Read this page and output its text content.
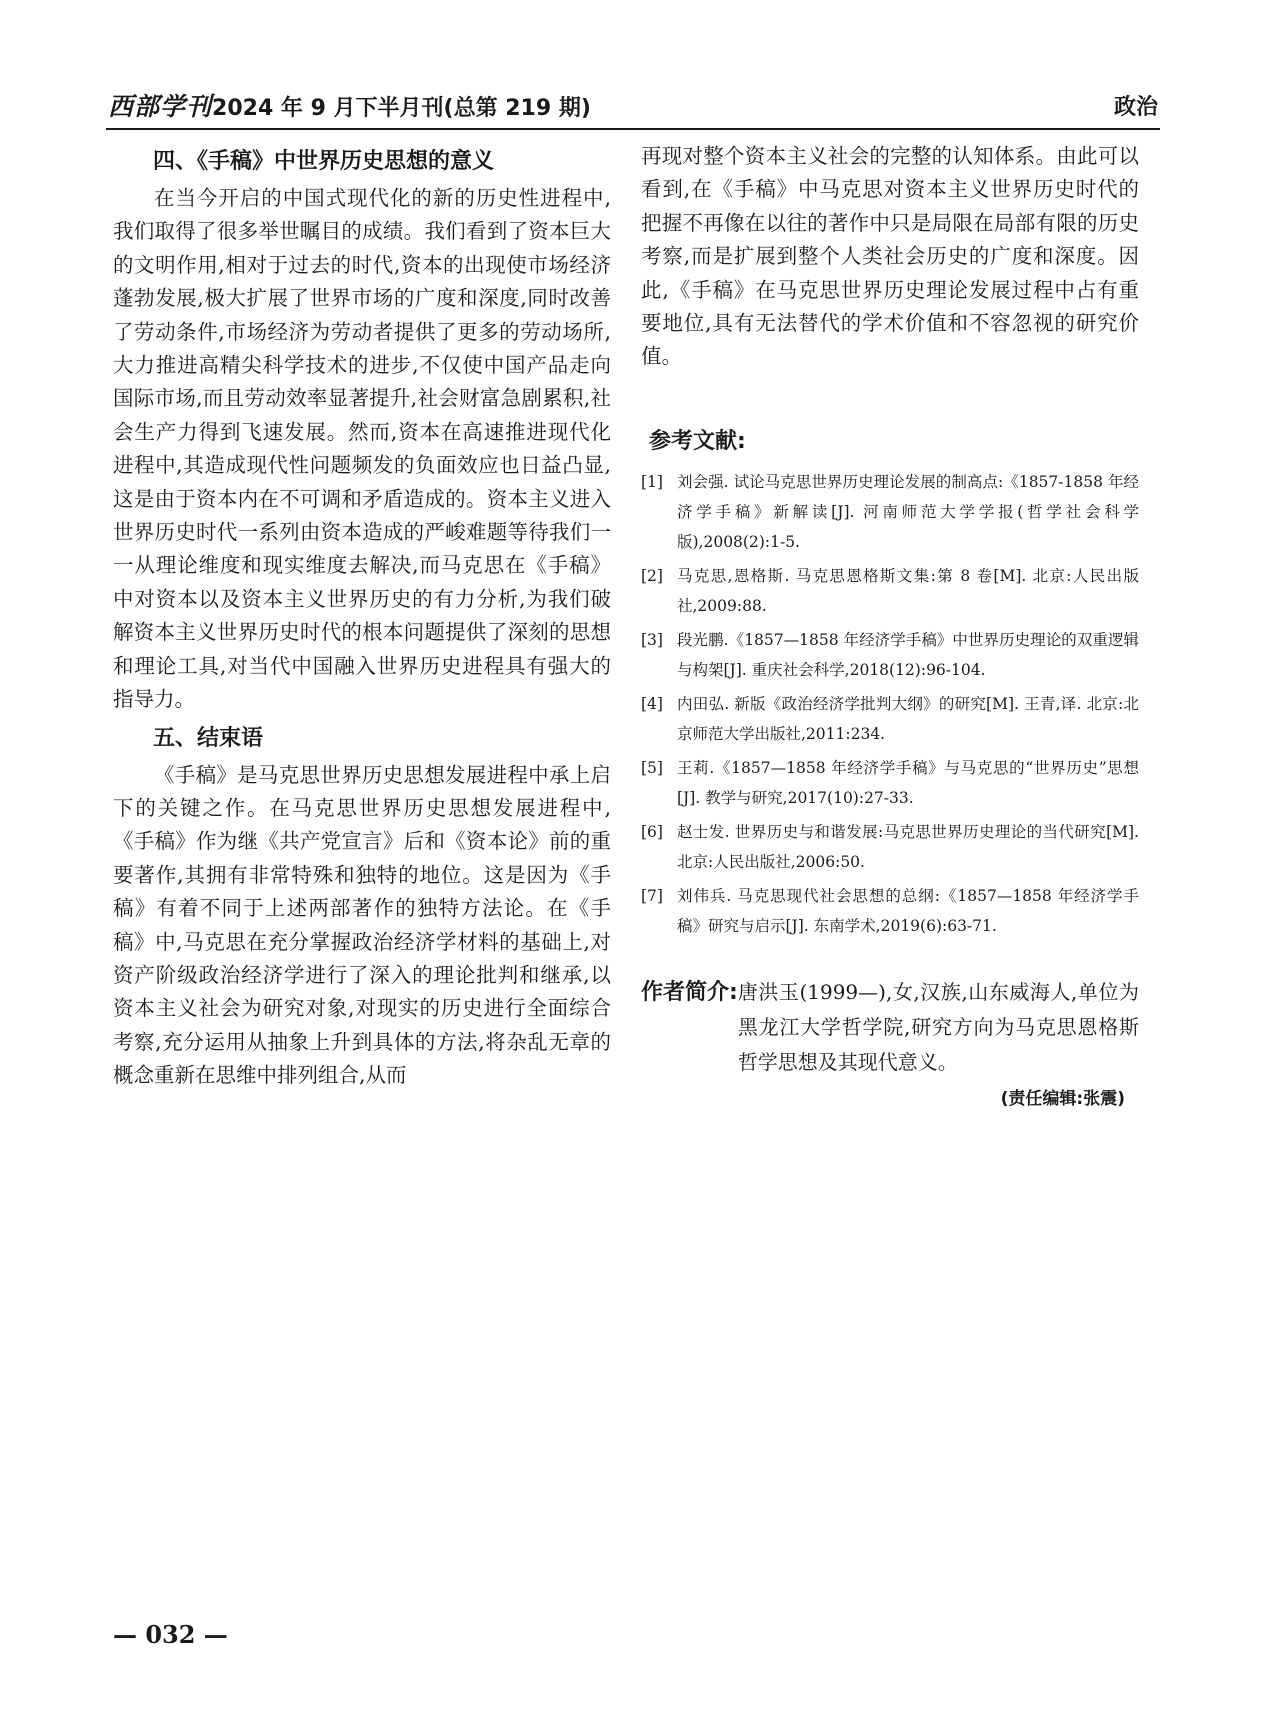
西部学刊 2024 年 9 月下半月刊(总第 219 期)	政治
四、《手稿》中世界历史思想的意义

在当今开启的中国式现代化的新的历史性进程中,我们取得了很多举世瞩目的成绩。我们看到了资本巨大的文明作用,相对于过去的时代,资本的出现使市场经济蓬勃发展,极大扩展了世界市场的广度和深度,同时改善了劳动条件,市场经济为劳动者提供了更多的劳动场所,大力推进高精尖科学技术的进步,不仅使中国产品走向国际市场,而且劳动效率显著提升,社会财富急剧累积,社会生产力得到飞速发展。然而,资本在高速推进现代化进程中,其造成现代性问题频发的负面效应也日益凸显,这是由于资本内在不可调和矛盾造成的。资本主义进入世界历史时代一系列由资本造成的严峻难题等待我们一一从理论维度和现实维度去解决,而马克思在《手稿》中对资本以及资本主义世界历史的有力分析,为我们破解资本主义世界历史时代的根本问题提供了深刻的思想和理论工具,对当代中国融入世界历史进程具有强大的指导力。

五、结束语

《手稿》是马克思世界历史思想发展进程中承上启下的关键之作。在马克思世界历史思想发展进程中,《手稿》作为继《共产党宣言》后和《资本论》前的重要著作,其拥有非常特殊和独特的地位。这是因为《手稿》有着不同于上述两部著作的独特方法论。在《手稿》中,马克思在充分掌握政治经济学材料的基础上,对资产阶级政治经济学进行了深入的理论批判和继承,以资本主义社会为研究对象,对现实的历史进行全面综合考察,充分运用从抽象上升到具体的方法,将杂乱无章的概念重新在思维中排列组合,从而

再现对整个资本主义社会的完整的认知体系。由此可以看到,在《手稿》中马克思对资本主义世界历史时代的把握不再像在以往的著作中只是局限在局部有限的历史考察,而是扩展到整个人类社会历史的广度和深度。因此,《手稿》在马克思世界历史理论发展过程中占有重要地位,具有无法替代的学术价值和不容忽视的研究价值。

参考文献:
[1] 刘会强. 试论马克思世界历史理论发展的制高点:《1857-1858 年经济学手稿》新解读[J]. 河南师范大学学报(哲学社会科学版),2008(2):1-5.
[2] 马克思,恩格斯. 马克思恩格斯文集:第 8 卷[M]. 北京:人民出版社,2009:88.
[3] 段光鹏.《1857—1858 年经济学手稿》中世界历史理论的双重逻辑与构架[J]. 重庆社会科学,2018(12):96-104.
[4] 内田弘. 新版《政治经济学批判大纲》的研究[M]. 王青,译. 北京:北京师范大学出版社,2011:234.
[5] 王莉.《1857—1858 年经济学手稿》与马克思的“世界历史”思想[J]. 教学与研究,2017(10):27-33.
[6] 赵士发. 世界历史与和谐发展:马克思世界历史理论的当代研究[M]. 北京:人民出版社,2006:50.
[7] 刘伟兵. 马克思现代社会思想的总纲:《1857—1858 年经济学手稿》研究与启示[J]. 东南学术,2019(6):63-71.
作者简介: 唐洪玉(1999—),女,汉族,山东威海人,单位为黑龙江大学哲学院,研究方向为马克思恩格斯哲学思想及其现代意义。
(责任编辑:张震)
— 032 —
